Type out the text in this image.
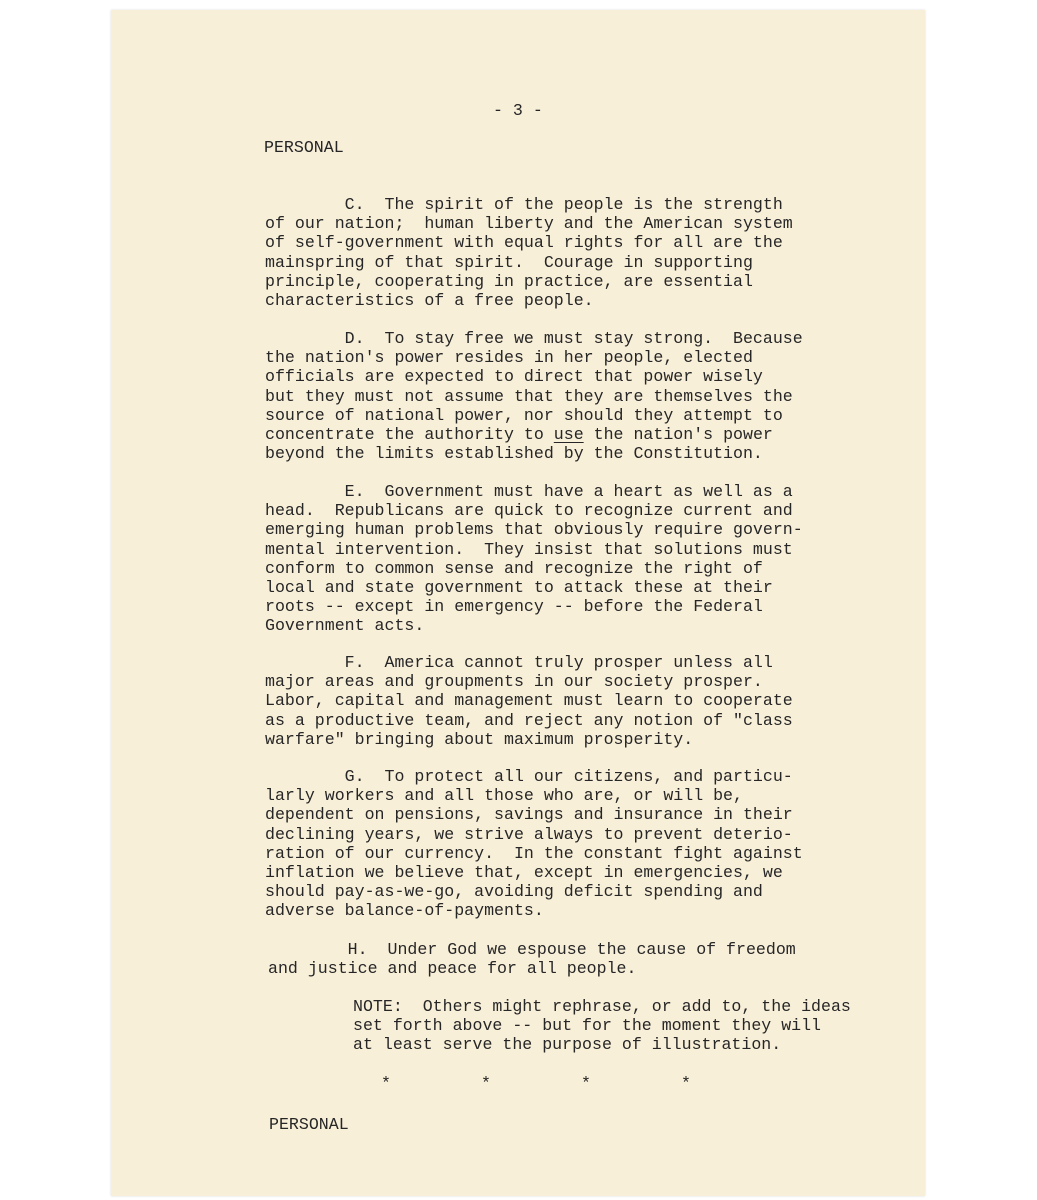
- 3 -

PERSONAL

C.  The spirit of the people is the strength
of our nation;  human liberty and the American system
of self-government with equal rights for all are the
mainspring of that spirit.  Courage in supporting
principle, cooperating in practice, are essential
characteristics of a free people.

D.  To stay free we must stay strong.  Because
the nation's power resides in her people, elected
officials are expected to direct that power wisely
but they must not assume that they are themselves the
source of national power, nor should they attempt to
concentrate the authority to use the nation's power
beyond the limits established by the Constitution.

E.  Government must have a heart as well as a
head.  Republicans are quick to recognize current and
emerging human problems that obviously require govern-
mental intervention.  They insist that solutions must
conform to common sense and recognize the right of
local and state government to attack these at their
roots -- except in emergency -- before the Federal
Government acts.

F.  America cannot truly prosper unless all
major areas and groupments in our society prosper.
Labor, capital and management must learn to cooperate
as a productive team, and reject any notion of "class
warfare" bringing about maximum prosperity.

G.  To protect all our citizens, and particu-
larly workers and all those who are, or will be,
dependent on pensions, savings and insurance in their
declining years, we strive always to prevent deterio-
ration of our currency.  In the constant fight against
inflation we believe that, except in emergencies, we
should pay-as-we-go, avoiding deficit spending and
adverse balance-of-payments.

H.  Under God we espouse the cause of freedom
and justice and peace for all people.

NOTE:  Others might rephrase, or add to, the ideas
set forth above -- but for the moment they will
at least serve the purpose of illustration.

*	*	*	*

PERSONAL
